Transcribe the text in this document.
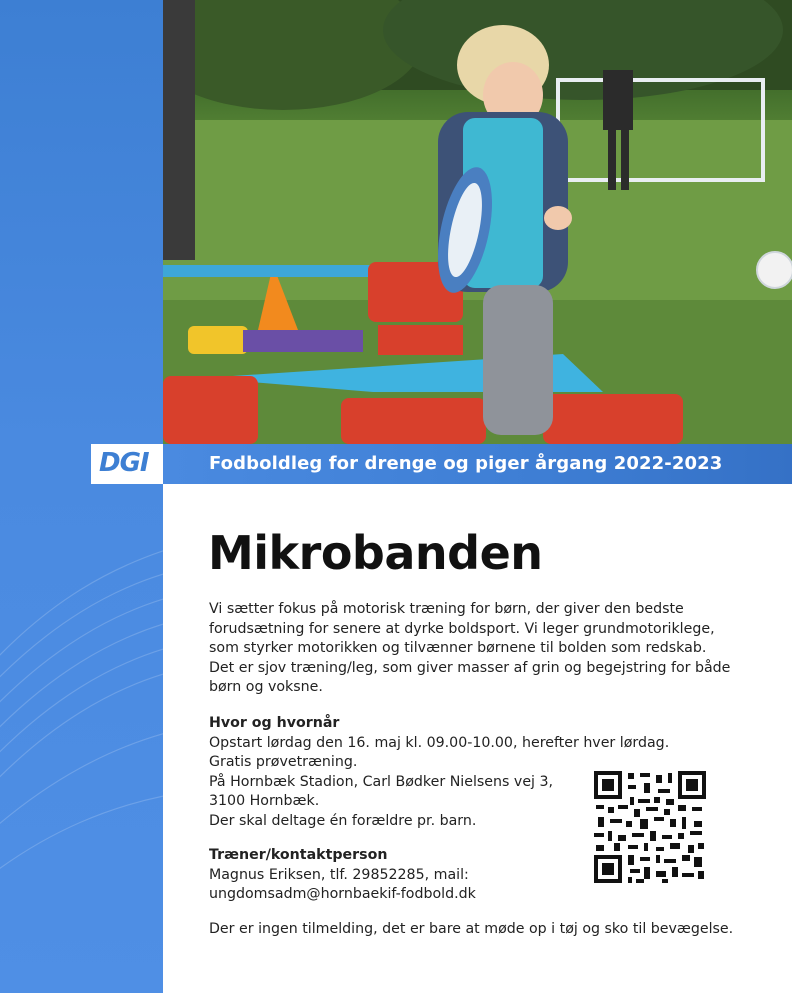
Fodboldleg for drenge og piger årgang 2022-2023
DGI
Mikrobanden

Vi sætter fokus på motorisk træning for børn, der giver den bedste

forudsætning for senere at dyrke boldsport. Vi leger grundmotoriklege,

som styrker motorikken og tilvænner børnene til bolden som redskab.

Det er sjov træning/leg, som giver masser af grin og begejstring for både

børn og voksne.

Hvor og hvornår

Opstart lørdag den 16. maj kl. 09.00-10.00, herefter hver lørdag.

Gratis prøvetræning.

På Hornbæk Stadion, Carl Bødker Nielsens vej 3,

3100 Hornbæk.

Der skal deltage én forældre pr. barn.

Træner/kontaktperson

Magnus Eriksen, tlf. 29852285, mail:

ungdomsadm@hornbaekif-fodbold.dk

Der er ingen tilmelding, det er bare at møde op i tøj og sko til bevægelse.
